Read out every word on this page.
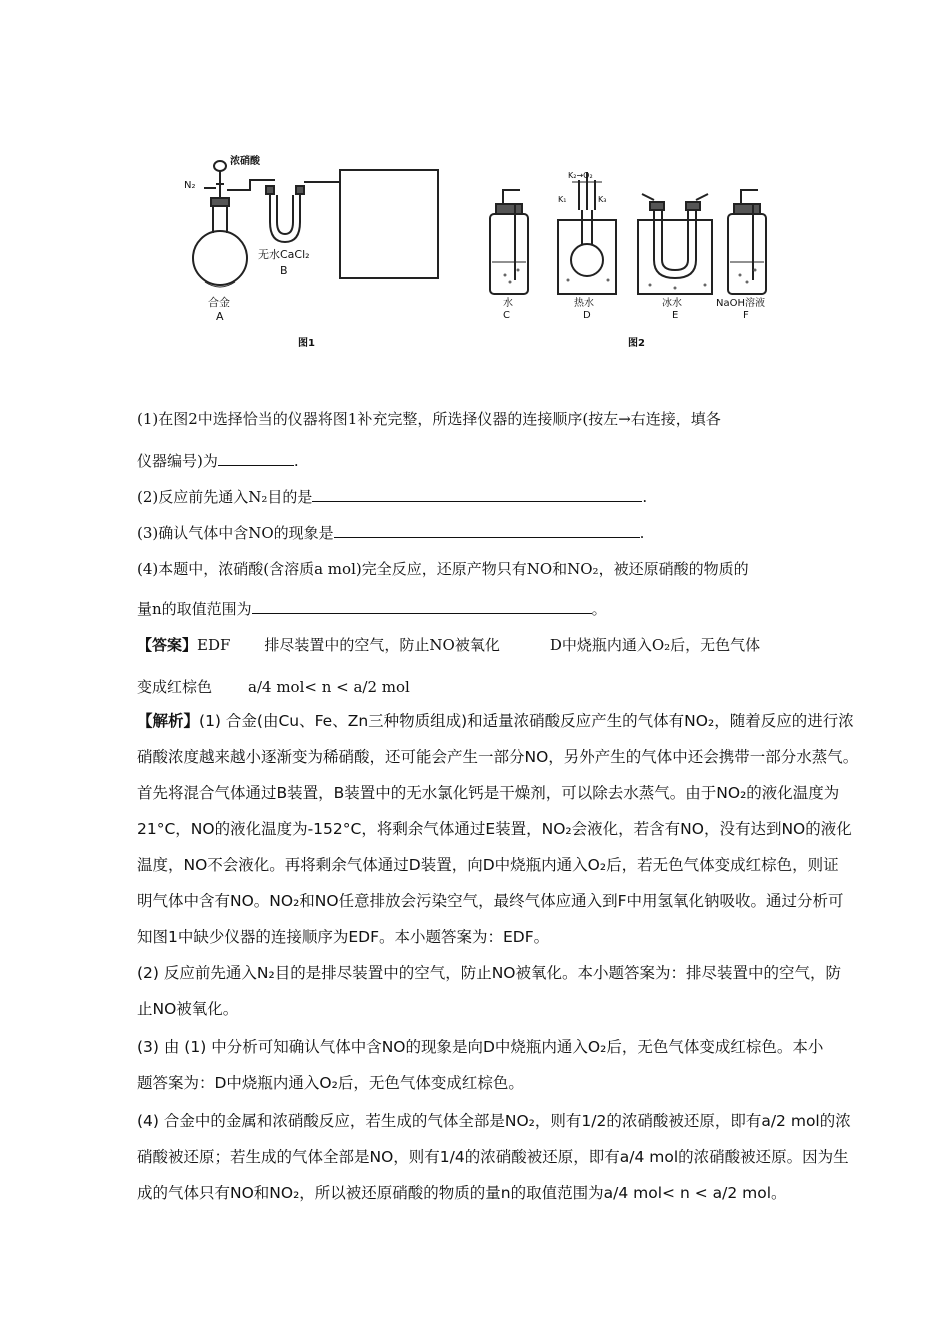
N₂
浓硝酸
无水CaCl₂
B
合金
A
图1
K₂→O₂
K₁	K₃
水
C
热水
D
冰水
E
NaOH溶液
F
图2
(1)在图2中选择恰当的仪器将图1补充完整，所选择仪器的连接顺序(按左→右连接，填各
仪器编号)为	.
(2)反应前先通入N₂目的是	.
(3)确认气体中含NO的现象是	.
(4)本题中，浓硝酸(含溶质a mol)完全反应，还原产物只有NO和NO₂，被还原硝酸的物质的
量n的取值范围为	。
【答案】EDF 排尽装置中的空气，防止NO被氧化	D中烧瓶内通入O₂后，无色气体
变成红棕色 a/4 mol< n < a/2 mol
【解析】(1) 合金(由Cu、Fe、Zn三种物质组成)和适量浓硝酸反应产生的气体有NO₂，随着反应的进行浓
硝酸浓度越来越小逐渐变为稀硝酸，还可能会产生一部分NO，另外产生的气体中还会携带一部分水蒸气。
首先将混合气体通过B装置，B装置中的无水氯化钙是干燥剂，可以除去水蒸气。由于NO₂的液化温度为
21°C，NO的液化温度为-152°C，将剩余气体通过E装置，NO₂会液化，若含有NO，没有达到NO的液化
温度，NO不会液化。再将剩余气体通过D装置，向D中烧瓶内通入O₂后，若无色气体变成红棕色，则证
明气体中含有NO。NO₂和NO任意排放会污染空气，最终气体应通入到F中用氢氧化钠吸收。通过分析可
知图1中缺少仪器的连接顺序为EDF。本小题答案为：EDF。
(2) 反应前先通入N₂目的是排尽装置中的空气，防止NO被氧化。本小题答案为：排尽装置中的空气，防
止NO被氧化。
(3) 由 (1) 中分析可知确认气体中含NO的现象是向D中烧瓶内通入O₂后，无色气体变成红棕色。本小
题答案为：D中烧瓶内通入O₂后，无色气体变成红棕色。
(4) 合金中的金属和浓硝酸反应，若生成的气体全部是NO₂，则有1/2的浓硝酸被还原，即有a/2 mol的浓
硝酸被还原；若生成的气体全部是NO，则有1/4的浓硝酸被还原，即有a/4 mol的浓硝酸被还原。因为生
成的气体只有NO和NO₂，所以被还原硝酸的物质的量n的取值范围为a/4 mol< n < a/2 mol。
